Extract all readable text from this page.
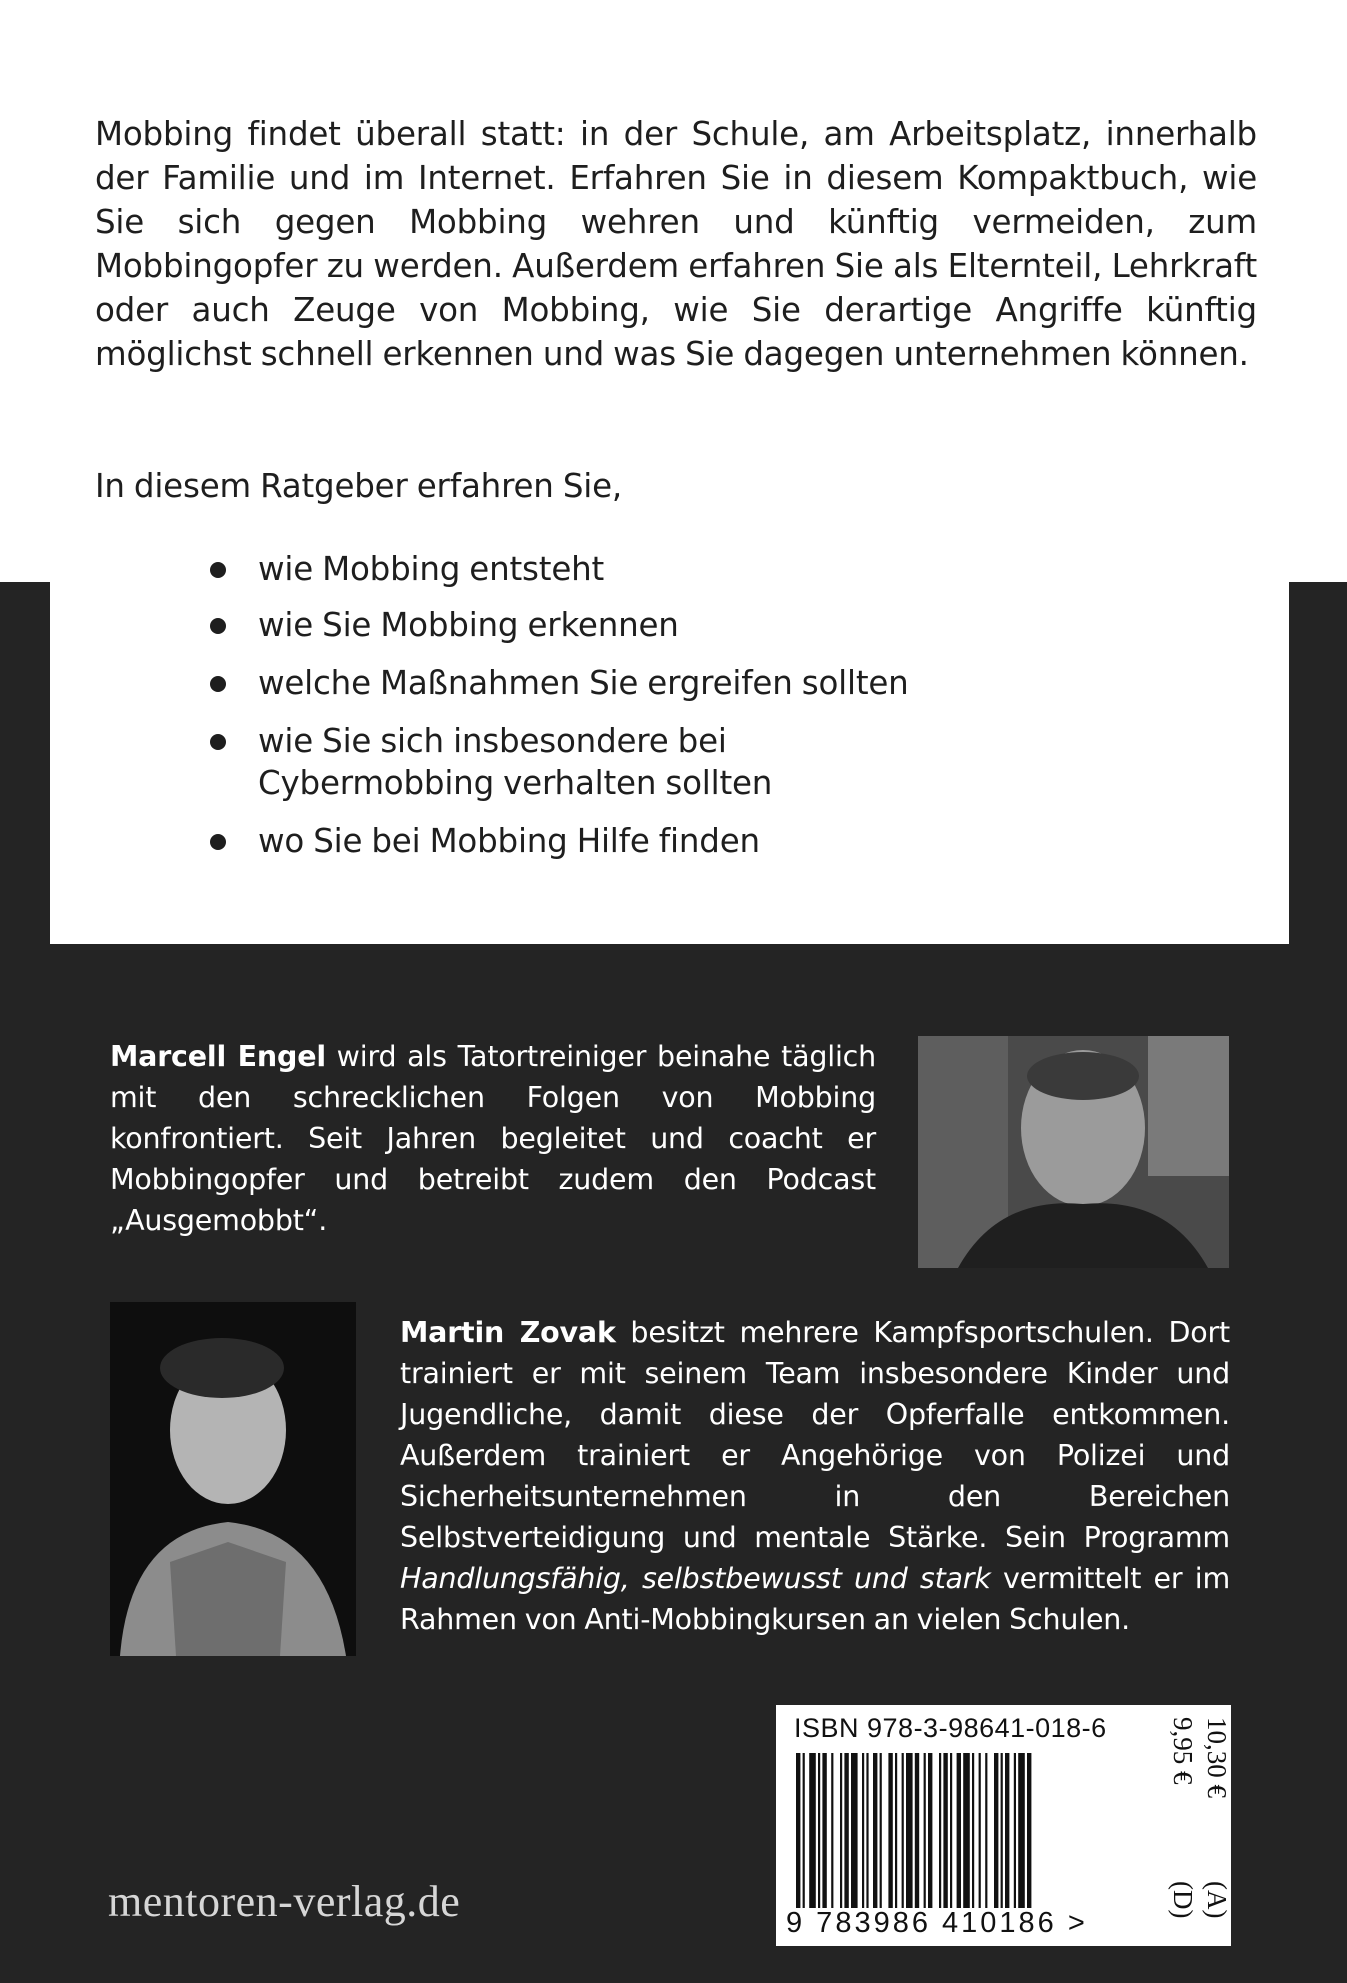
Mobbing findet überall statt: in der Schule, am Arbeitsplatz, innerhalb der Familie und im Internet. Erfahren Sie in diesem Kompaktbuch, wie Sie sich gegen Mobbing wehren und künftig vermeiden, zum Mobbingopfer zu werden. Außerdem erfahren Sie als Elternteil, Lehrkraft oder auch Zeuge von Mobbing, wie Sie derartige Angriffe künftig möglichst schnell erkennen und was Sie dagegen unternehmen können.

In diesem Ratgeber erfahren Sie,

wie Mobbing entsteht
wie Sie Mobbing erkennen
welche Maßnahmen Sie ergreifen sollten
wie Sie sich insbesondere bei Cybermobbing verhalten sollten
wo Sie bei Mobbing Hilfe finden

Marcell Engel wird als Tatortreiniger beinahe täglich mit den schrecklichen Folgen von Mobbing konfrontiert. Seit Jahren begleitet und coacht er Mobbingopfer und betreibt zudem den Podcast „Ausgemobbt“.

Martin Zovak besitzt mehrere Kampfsportschulen. Dort trainiert er mit seinem Team insbesondere Kinder und Jugendliche, damit diese der Opferfalle entkommen. Außerdem trainiert er Angehörige von Polizei und Sicherheitsunternehmen in den Bereichen Selbstverteidigung und mentale Stärke. Sein Programm Handlungsfähig, selbstbewusst und stark vermittelt er im Rahmen von Anti-Mobbingkursen an vielen Schulen.

ISBN 978-3-98641-018-6
9 783986 410186 >
9,95 € 10,30 €
(D) (A)
mentoren-verlag.de
